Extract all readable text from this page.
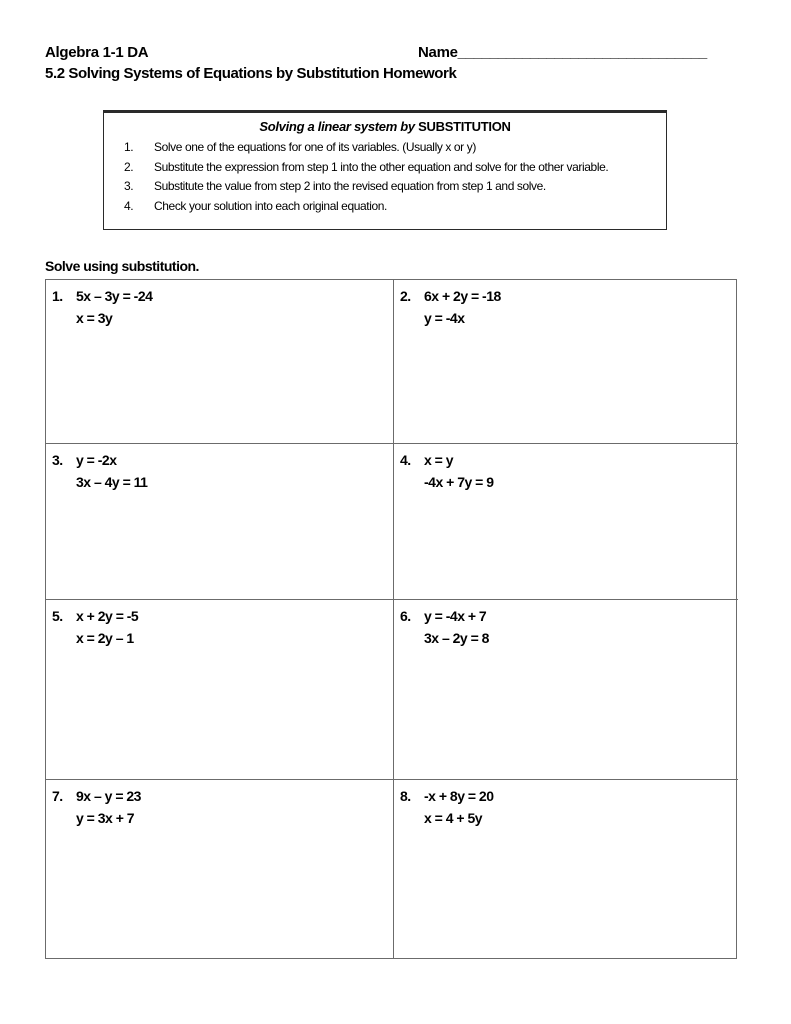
Algebra 1-1 DA	Name_______________________________
5.2 Solving Systems of Equations by Substitution Homework
Solving a linear system by SUBSTITUTION
1.	Solve one of the equations for one of its variables. (Usually x or y)
2.	Substitute the expression from step 1 into the other equation and solve for the other variable.
3.	Substitute the value from step 2 into the revised equation from step 1 and solve.
4.	Check your solution into each original equation.
Solve using substitution.
1. 5x – 3y = -24
x = 3y
2. 6x + 2y = -18
y = -4x
3. y = -2x
3x – 4y = 11
4. x = y
-4x + 7y = 9
5. x + 2y = -5
x = 2y – 1
6. y = -4x + 7
3x – 2y = 8
7. 9x – y = 23
y = 3x + 7
8. -x + 8y = 20
x = 4 + 5y
